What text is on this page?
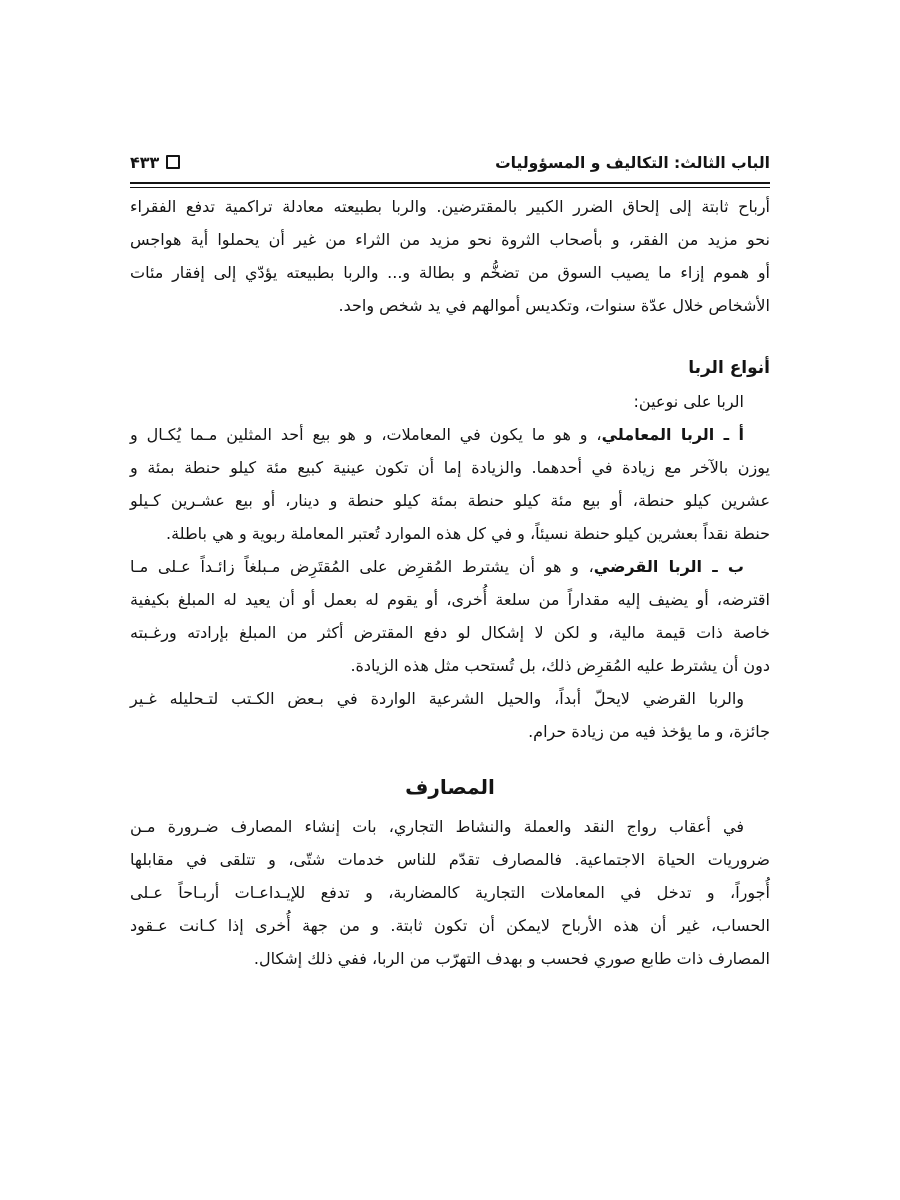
الباب الثالث: التكاليف و المسؤوليات
۴۳۳
أرباح ثابتة إلى إلحاق الضرر الكبير بالمقترضين. والربا بطبيعته معادلة تراكمية تدفع الفقراء
نحو مزيد من الفقر، و بأصحاب الثروة نحو مزيد من الثراء من غير أن يحملوا أية هواجس
أو هموم إزاء ما يصيب السوق من تضخُّم و بطالة و... والربا بطبيعته يؤدّي إلى إفقار مئات
الأشخاص خلال عدّة سنوات، وتكديس أموالهم في يد شخص واحد.
أنواع الربا
الربا على نوعين:
أ ـ الربا المعاملي، و هو ما يكون في المعاملات، و هو بيع أحد المثلين مـما يُكـال و
يوزن بالآخر مع زيادة في أحدهما. والزيادة إما أن تكون عينية كبيع مئة كيلو حنطة بمئة و
عشرين كيلو حنطة، أو بيع مئة كيلو حنطة بمئة كيلو حنطة و دينار، أو بيع عشـرين كـيلو
حنطة نقداً بعشرين كيلو حنطة نسيئاً، و في كل هذه الموارد تُعتبر المعاملة ربوية و هي باطلة.
ب ـ الربا القرضي، و هو أن يشترط المُقرِض على المُقتَرِض مـبلغاً زائـداً عـلى مـا
اقترضه، أو يضيف إليه مقداراً من سلعة أُخرى، أو يقوم له بعمل أو أن يعيد له المبلغ بكيفية
خاصة ذات قيمة مالية، و لكن لا إشكال لو دفع المقترض أكثر من المبلغ بإرادته ورغـبته
دون أن يشترط عليه المُقرِض ذلك، بل تُستحب مثل هذه الزيادة.
والربا القرضي لايحلّ أبداً، والحيل الشرعية الواردة في بـعض الكـتب لتـحليله غـير
جائزة، و ما يؤخذ فيه من زيادة حرام.
المصارف
في أعقاب رواج النقد والعملة والنشاط التجاري، بات إنشاء المصارف ضـرورة مـن
ضروريات الحياة الاجتماعية. فالمصارف تقدّم للناس خدمات شتّى، و تتلقى في مقابلها
أُجوراً، و تدخل في المعاملات التجارية كالمضاربة، و تدفع للإيـداعـات أربـاحاً عـلى
الحساب، غير أن هذه الأرباح لايمكن أن تكون ثابتة. و من جهة أُخرى إذا كـانت عـقود
المصارف ذات طابع صوري فحسب و بهدف التهرّب من الربا، ففي ذلك إشكال.
